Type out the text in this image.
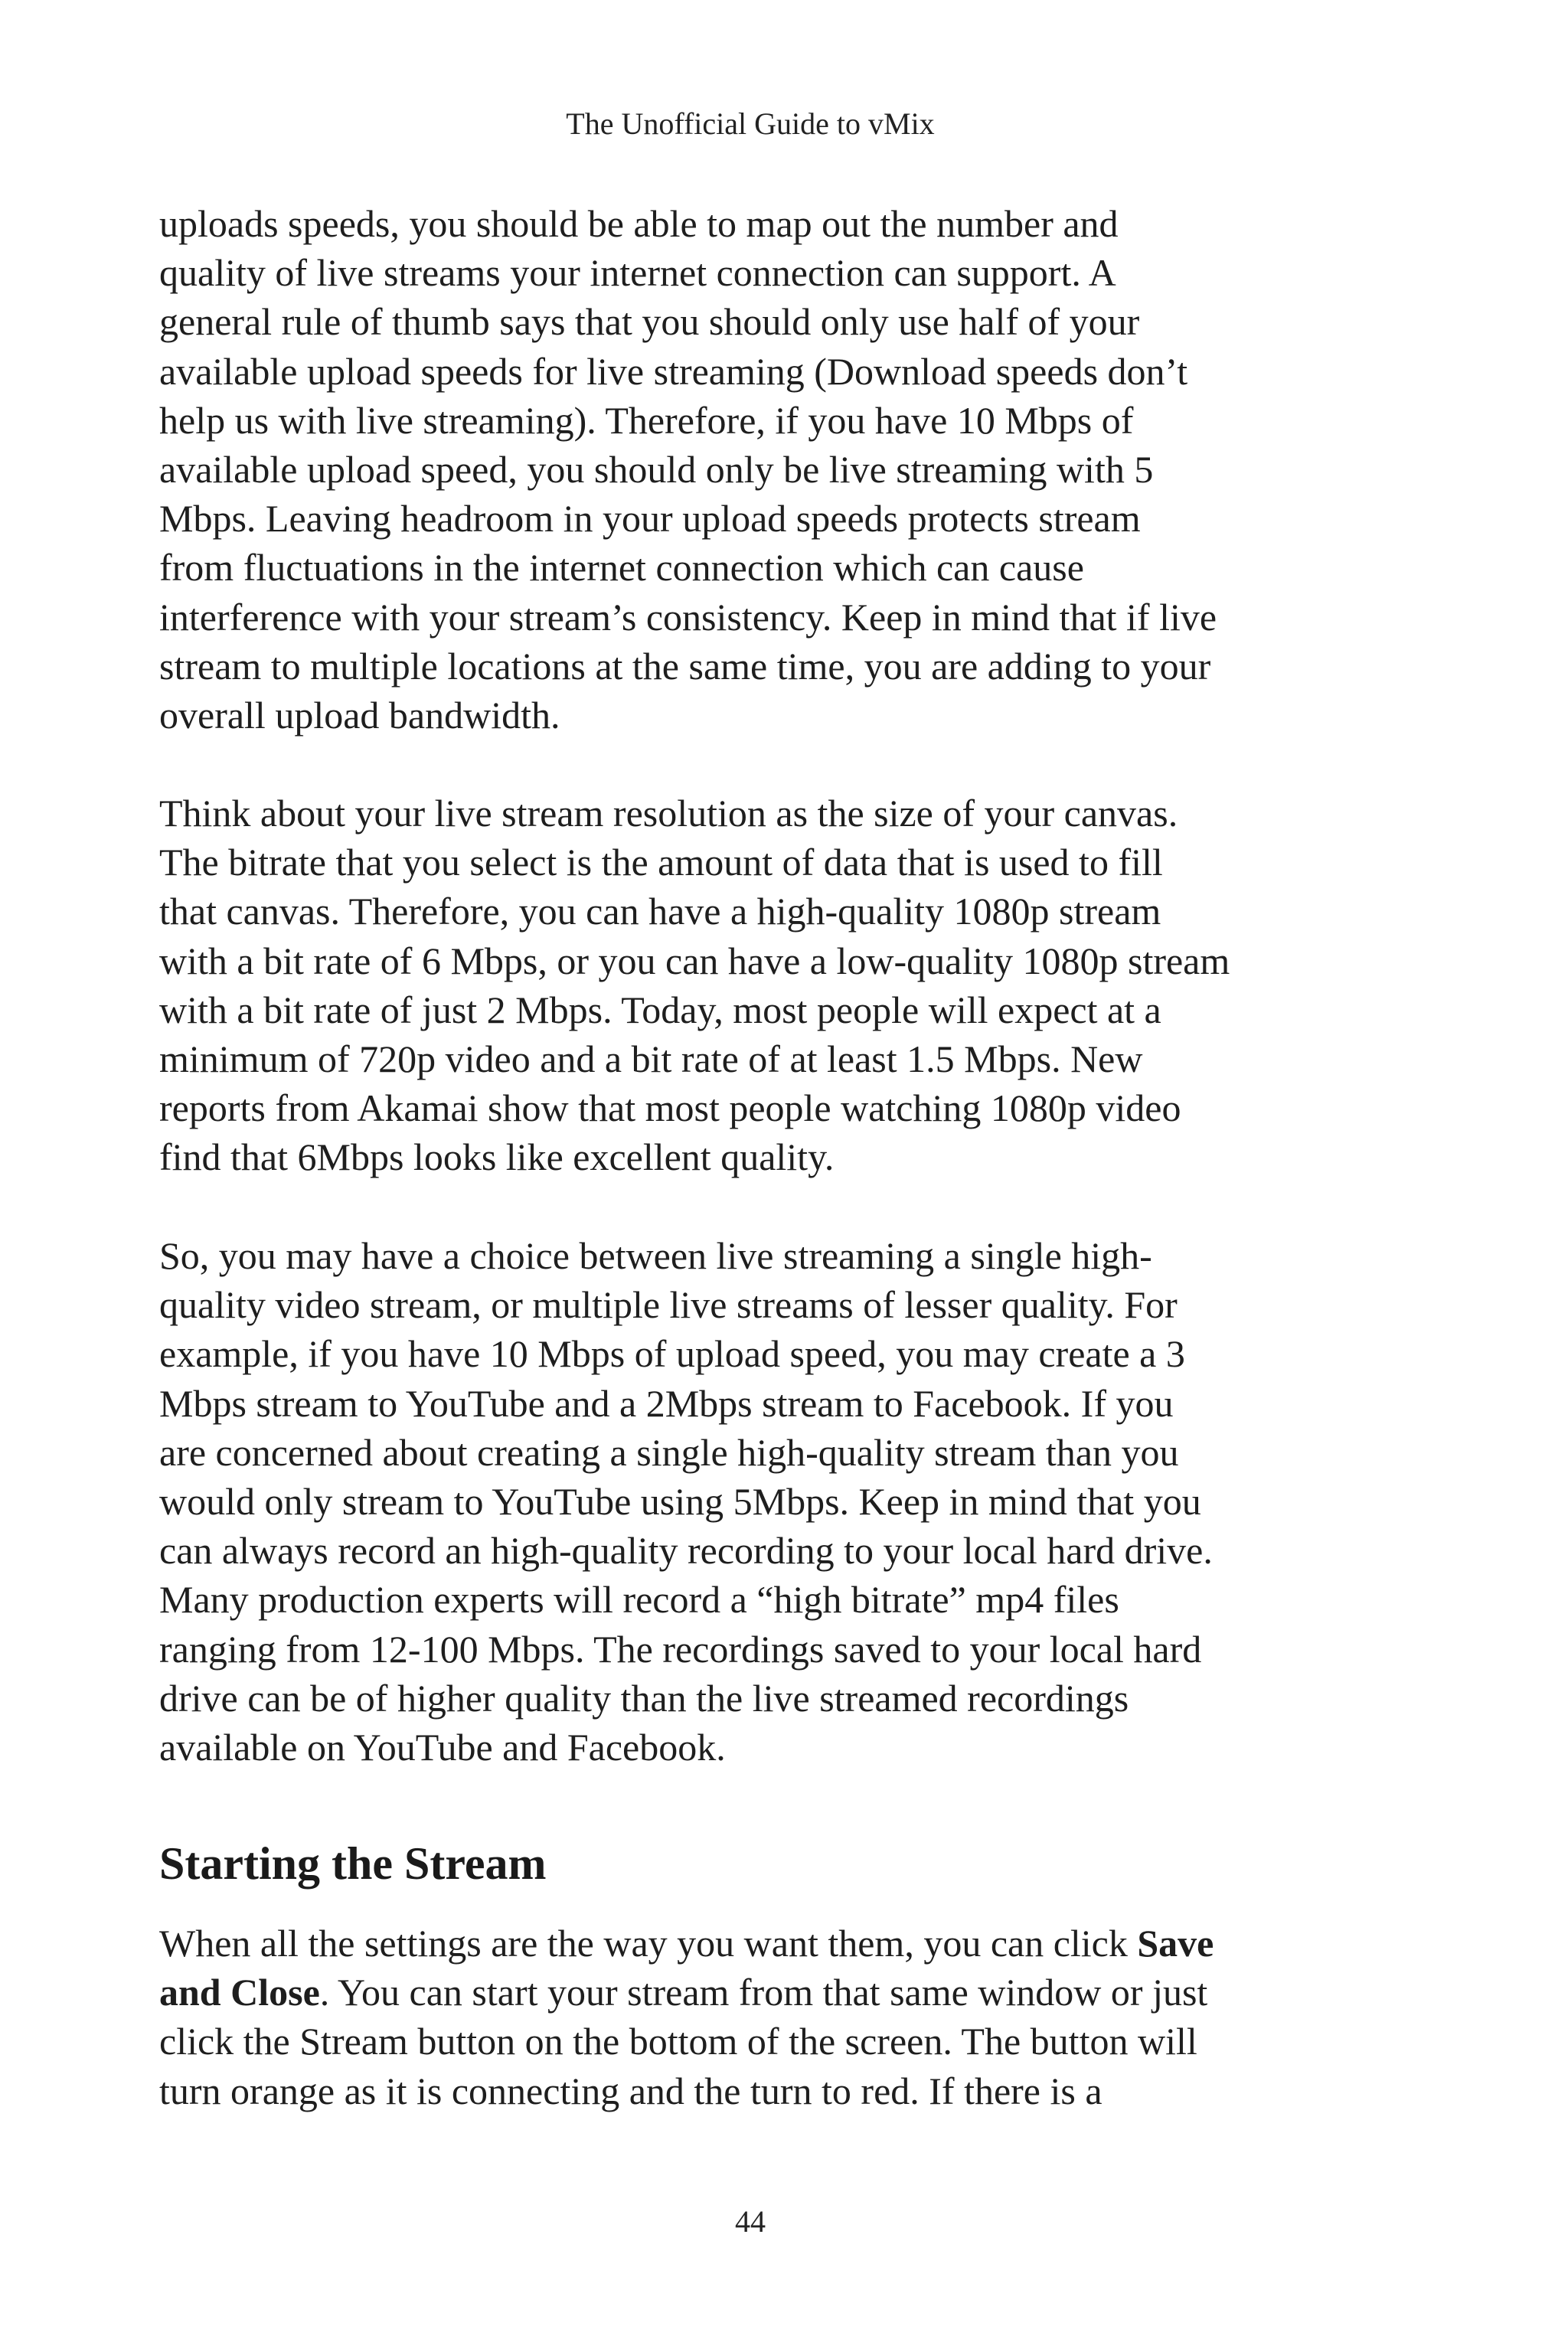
The Unofficial Guide to vMix
uploads speeds, you should be able to map out the number and
quality of live streams your internet connection can support. A
general rule of thumb says that you should only use half of your
available upload speeds for live streaming (Download speeds don’t
help us with live streaming). Therefore, if you have 10 Mbps of
available upload speed, you should only be live streaming with 5
Mbps. Leaving headroom in your upload speeds protects stream
from fluctuations in the internet connection which can cause
interference with your stream’s consistency. Keep in mind that if live
stream to multiple locations at the same time, you are adding to your
overall upload bandwidth.
Think about your live stream resolution as the size of your canvas.
The bitrate that you select is the amount of data that is used to fill
that canvas. Therefore, you can have a high-quality 1080p stream
with a bit rate of 6 Mbps, or you can have a low-quality 1080p stream
with a bit rate of just 2 Mbps. Today, most people will expect at a
minimum of 720p video and a bit rate of at least 1.5 Mbps. New
reports from Akamai show that most people watching 1080p video
find that 6Mbps looks like excellent quality.
So, you may have a choice between live streaming a single high-
quality video stream, or multiple live streams of lesser quality. For
example, if you have 10 Mbps of upload speed, you may create a 3
Mbps stream to YouTube and a 2Mbps stream to Facebook. If you
are concerned about creating a single high-quality stream than you
would only stream to YouTube using 5Mbps. Keep in mind that you
can always record an high-quality recording to your local hard drive.
Many production experts will record a “high bitrate” mp4 files
ranging from 12-100 Mbps. The recordings saved to your local hard
drive can be of higher quality than the live streamed recordings
available on YouTube and Facebook.
Starting the Stream
When all the settings are the way you want them, you can click Save
and Close. You can start your stream from that same window or just
click the Stream button on the bottom of the screen. The button will
turn orange as it is connecting and the turn to red. If there is a
44
